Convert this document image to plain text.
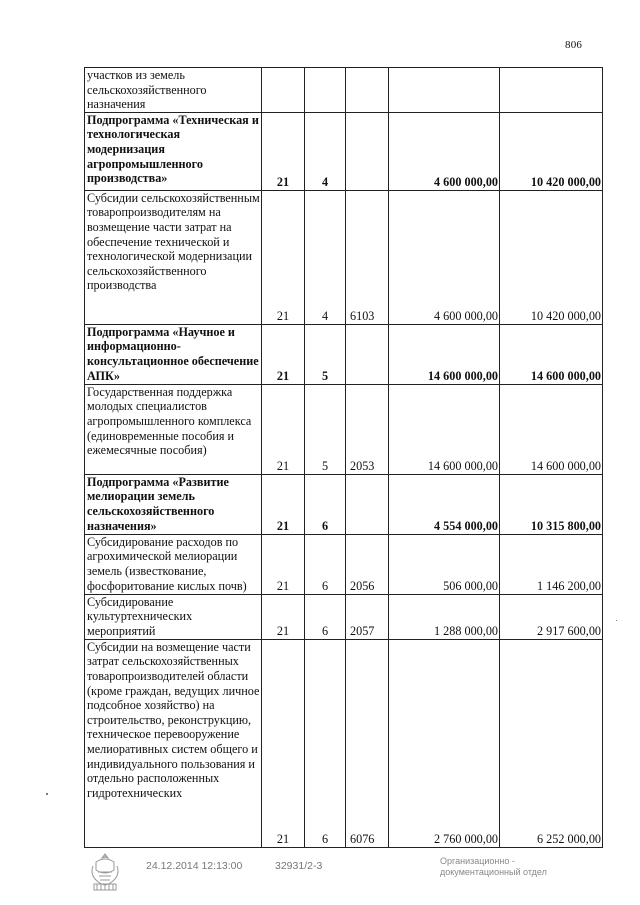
806
участков из земель сельскохозяйственного назначения					
Подпрограмма «Техническая и технологическая модернизация агропромышленного производства»	21	4		4 600 000,00	10 420 000,00
Субсидии сельскохозяйственным товаропроизводителям на возмещение части затрат на обеспечение технической и технологической модернизации сельскохозяйственного производства	21	4	6103	4 600 000,00	10 420 000,00
Подпрограмма «Научное и информационно-консультационное обеспечение АПК»	21	5		14 600 000,00	14 600 000,00
Государственная поддержка молодых специалистов агропромышленного комплекса (единовременные пособия и ежемесячные пособия)	21	5	2053	14 600 000,00	14 600 000,00
Подпрограмма «Развитие мелиорации земель сельскохозяйственного назначения»	21	6		4 554 000,00	10 315 800,00
Субсидирование расходов по агрохимической мелиорации земель (известкование, фосфоритование кислых почв)	21	6	2056	506 000,00	1 146 200,00
Субсидирование культуртехнических мероприятий	21	6	2057	1 288 000,00	2 917 600,00
Субсидии на возмещение части затрат сельскохозяйственных товаропроизводителей области (кроме граждан, ведущих личное подсобное хозяйство) на строительство, реконструкцию, техническое перевооружение мелиоративных систем общего и индивидуального пользования и отдельно расположенных гидротехнических	21	6	6076	2 760 000,00	6 252 000,00
24.12.2014 12:13:00	32931/2-3	Организационно -
документационный отдел
